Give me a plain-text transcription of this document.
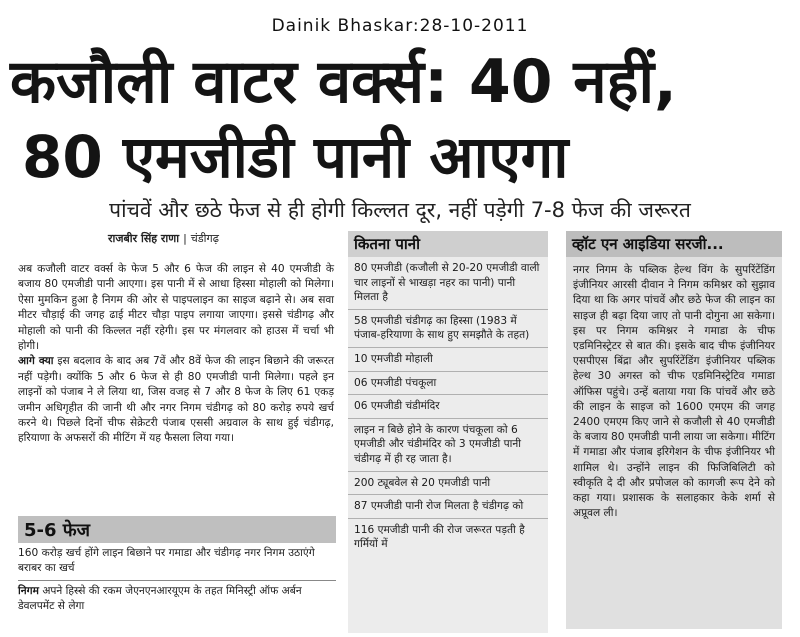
Dainik Bhaskar:28-10-2011
कजौली वाटर वर्क्स: 40 नहीं,
80 एमजीडी पानी आएगा
पांचवें और छठे फेज से ही होगी किल्लत दूर, नहीं पड़ेगी 7-8 फेज की जरूरत
राजबीर सिंह राणा | चंडीगढ़

अब कजौली वाटर वर्क्स के फेज 5 और 6 फेज की लाइन से 40 एमजीडी के बजाय 80 एमजीडी पानी आएगा। इस पानी में से आधा हिस्सा मोहाली को मिलेगा। ऐसा मुमकिन हुआ है निगम की ओर से पाइपलाइन का साइज बढ़ाने से। अब सवा मीटर चौड़ाई की जगह ढाई मीटर चौड़ा पाइप लगाया जाएगा। इससे चंडीगढ़ और मोहाली को पानी की किल्लत नहीं रहेगी। इस पर मंगलवार को हाउस में चर्चा भी होगी।

आगे क्या इस बदलाव के बाद अब 7वें और 8वें फेज की लाइन बिछाने की जरूरत नहीं पड़ेगी। क्योंकि 5 और 6 फेज से ही 80 एमजीडी पानी मिलेगा। पहले इन लाइनों को पंजाब ने ले लिया था, जिस वजह से 7 और 8 फेज के लिए 61 एकड़ जमीन अधिगृहीत की जानी थी और नगर निगम चंडीगढ़ को 80 करोड़ रुपये खर्च करने थे। पिछले दिनों चीफ सेक्रेटरी पंजाब एससी अग्रवाल के साथ हुई चंडीगढ़, हरियाणा के अफसरों की मीटिंग में यह फैसला लिया गया।

5-6 फेज
160 करोड़ खर्च होंगे लाइन बिछाने पर गमाडा और चंडीगढ़ नगर निगम उठाएंगे बराबर का खर्च
निगम अपने हिस्से की रकम जेएनएनआरयूएम के तहत मिनिस्ट्री ऑफ अर्बन डेवलपमेंट से लेगा
कितना पानी
80 एमजीडी (कजौली से 20-20 एमजीडी वाली चार लाइनों से भाखड़ा नहर का पानी) पानी मिलता है
58 एमजीडी चंडीगढ़ का हिस्सा (1983 में पंजाब-हरियाणा के साथ हुए समझौते के तहत)
10 एमजीडी मोहाली
06 एमजीडी पंचकूला
06 एमजीडी चंडीमंदिर
लाइन न बिछे होने के कारण पंचकूला को 6 एमजीडी और चंडीमंदिर को 3 एमजीडी पानी चंडीगढ़ में ही रह जाता है।
200 ट्यूबवेल से 20 एमजीडी पानी
87 एमजीडी पानी रोज मिलता है चंडीगढ़ को
116 एमजीडी पानी की रोज जरूरत पड़ती है गर्मियों में
व्हॉट एन आइडिया सरजी...

नगर निगम के पब्लिक हेल्थ विंग के सुपरिंटेंडिंग इंजीनियर आरसी दीवान ने निगम कमिश्नर को सुझाव दिया था कि अगर पांचवें और छठे फेज की लाइन का साइज ही बढ़ा दिया जाए तो पानी दोगुना आ सकेगा। इस पर निगम कमिश्नर ने गमाडा के चीफ एडमिनिस्ट्रेटर से बात की। इसके बाद चीफ इंजीनियर एसपीएस बिंद्रा और सुपरिंटेंडिंग इंजीनियर पब्लिक हेल्थ 30 अगस्त को चीफ एडमिनिस्ट्रेटिव गमाडा ऑफिस पहुंचे। उन्हें बताया गया कि पांचवें और छठे की लाइन के साइज को 1600 एमएम की जगह 2400 एमएम किए जाने से कजौली से 40 एमजीडी के बजाय 80 एमजीडी पानी लाया जा सकेगा। मीटिंग में गमाडा और पंजाब इरिगेशन के चीफ इंजीनियर भी शामिल थे। उन्होंने लाइन की फिजिबिलिटी को स्वीकृति दे दी और प्रपोजल को कागजी रूप देने को कहा गया। प्रशासक के सलाहकार केके शर्मा से अप्रूवल ली।
